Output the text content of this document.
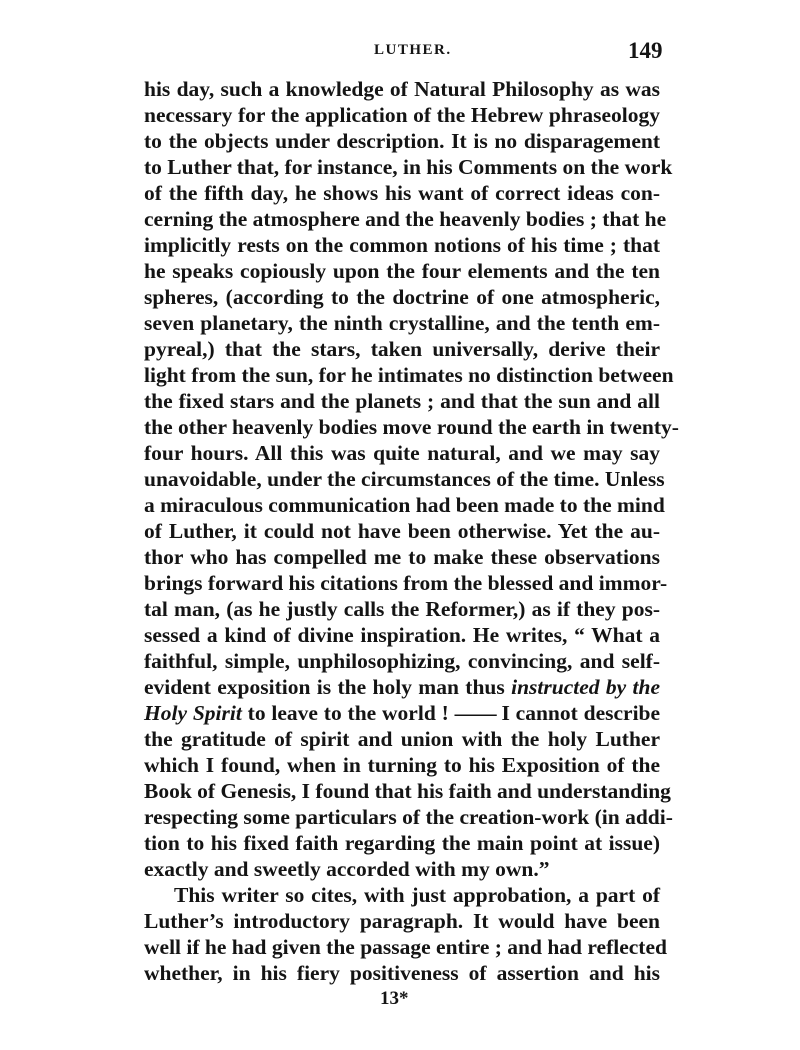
LUTHER.	149
his day, such a knowledge of Natural Philosophy as was
necessary for the application of the Hebrew phraseology
to the objects under description. It is no disparagement
to Luther that, for instance, in his Comments on the work
of the fifth day, he shows his want of correct ideas con-
cerning the atmosphere and the heavenly bodies ; that he
implicitly rests on the common notions of his time ; that
he speaks copiously upon the four elements and the ten
spheres, (according to the doctrine of one atmospheric,
seven planetary, the ninth crystalline, and the tenth em-
pyreal,) that the stars, taken universally, derive their
light from the sun, for he intimates no distinction between
the fixed stars and the planets ; and that the sun and all
the other heavenly bodies move round the earth in twenty-
four hours. All this was quite natural, and we may say
unavoidable, under the circumstances of the time. Unless
a miraculous communication had been made to the mind
of Luther, it could not have been otherwise. Yet the au-
thor who has compelled me to make these observations
brings forward his citations from the blessed and immor-
tal man, (as he justly calls the Reformer,) as if they pos-
sessed a kind of divine inspiration. He writes, “ What a
faithful, simple, unphilosophizing, convincing, and self-
evident exposition is the holy man thus instructed by the
Holy Spirit to leave to the world ! —— I cannot describe
the gratitude of spirit and union with the holy Luther
which I found, when in turning to his Exposition of the
Book of Genesis, I found that his faith and understanding
respecting some particulars of the creation-work (in addi-
tion to his fixed faith regarding the main point at issue)
exactly and sweetly accorded with my own.”
This writer so cites, with just approbation, a part of
Luther’s introductory paragraph. It would have been
well if he had given the passage entire ; and had reflected
whether, in his fiery positiveness of assertion and his
13*
